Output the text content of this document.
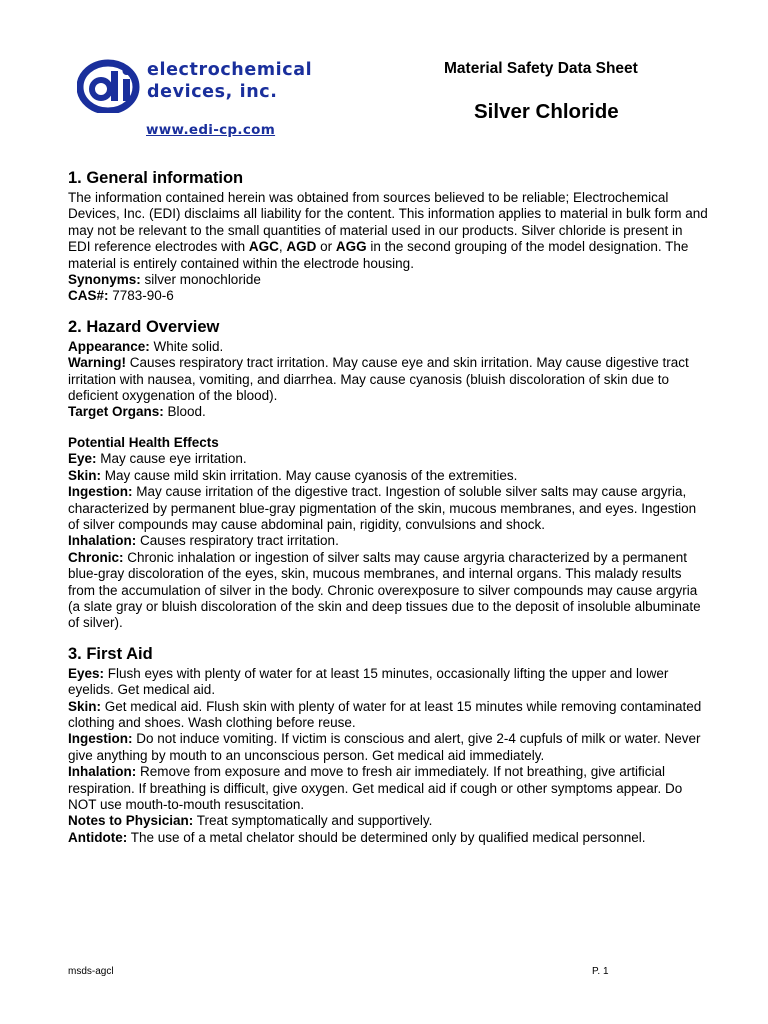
electrochemical
devices, inc.
www.edi-cp.com
Material Safety Data Sheet
Silver Chloride
1. General information

The information contained herein was obtained from sources believed to be reliable; Electrochemical Devices, Inc. (EDI) disclaims all liability for the content. This information applies to material in bulk form and may not be relevant to the small quantities of material used in our products. Silver chloride is present in EDI reference electrodes with AGC, AGD or AGG in the second grouping of the model designation. The material is entirely contained within the electrode housing.

Synonyms: silver monochloride

CAS#: 7783-90-6

2. Hazard Overview

Appearance: White solid.

Warning! Causes respiratory tract irritation. May cause eye and skin irritation. May cause digestive tract irritation with nausea, vomiting, and diarrhea. May cause cyanosis (bluish discoloration of skin due to deficient oxygenation of the blood).

Target Organs: Blood.

Potential Health Effects

Eye: May cause eye irritation.

Skin: May cause mild skin irritation. May cause cyanosis of the extremities.

Ingestion: May cause irritation of the digestive tract. Ingestion of soluble silver salts may cause argyria, characterized by permanent blue-gray pigmentation of the skin, mucous membranes, and eyes. Ingestion of silver compounds may cause abdominal pain, rigidity, convulsions and shock.

Inhalation: Causes respiratory tract irritation.

Chronic: Chronic inhalation or ingestion of silver salts may cause argyria characterized by a permanent blue-gray discoloration of the eyes, skin, mucous membranes, and internal organs. This malady results from the accumulation of silver in the body. Chronic overexposure to silver compounds may cause argyria (a slate gray or bluish discoloration of the skin and deep tissues due to the deposit of insoluble albuminate of silver).

3. First Aid

Eyes: Flush eyes with plenty of water for at least 15 minutes, occasionally lifting the upper and lower eyelids. Get medical aid.

Skin: Get medical aid. Flush skin with plenty of water for at least 15 minutes while removing contaminated clothing and shoes. Wash clothing before reuse.

Ingestion: Do not induce vomiting. If victim is conscious and alert, give 2-4 cupfuls of milk or water. Never give anything by mouth to an unconscious person. Get medical aid immediately.

Inhalation: Remove from exposure and move to fresh air immediately. If not breathing, give artificial respiration. If breathing is difficult, give oxygen. Get medical aid if cough or other symptoms appear. Do NOT use mouth-to-mouth resuscitation.

Notes to Physician: Treat symptomatically and supportively.

Antidote: The use of a metal chelator should be determined only by qualified medical personnel.

msds-agcl	P. 1
